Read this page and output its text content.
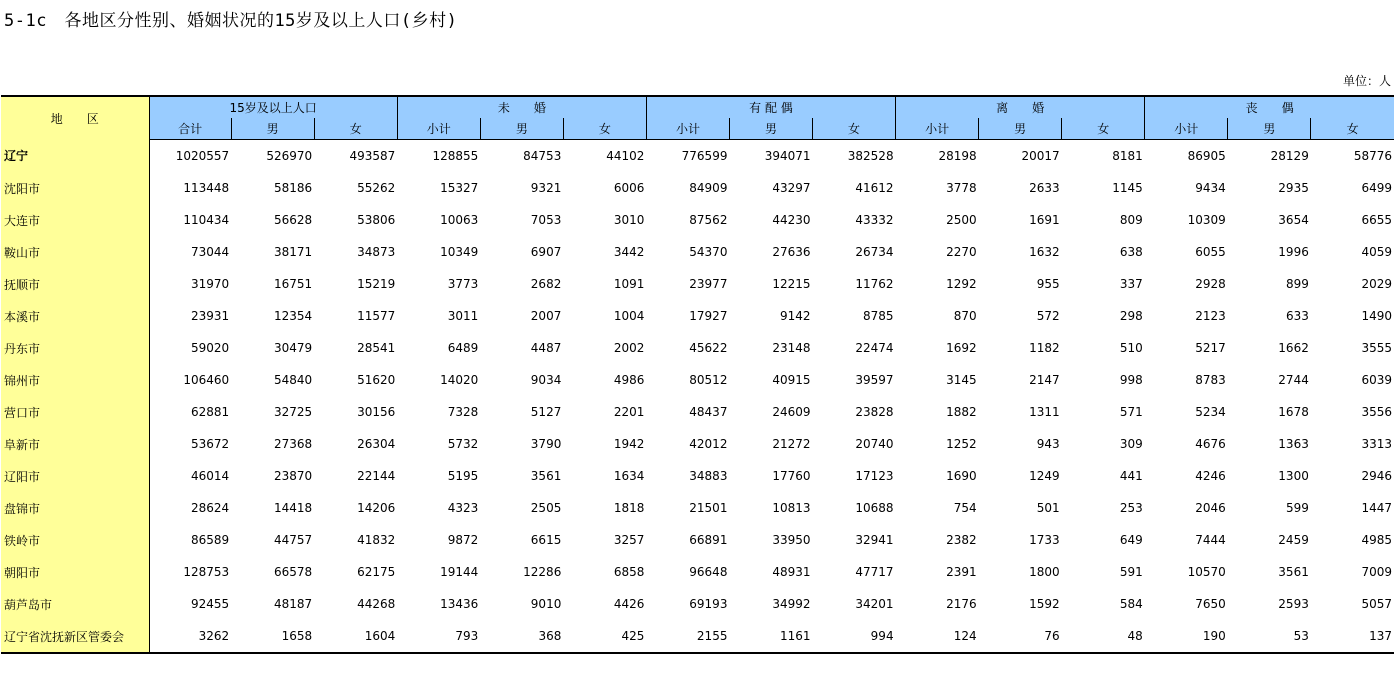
5-1c　各地区分性别、婚姻状况的15岁及以上人口(乡村)
单位：人
地　　区	15岁及以上人口			未　　婚			有 配 偶			离　　婚			丧　　偶		
	合计	男	女	小计	男	女	小计	男	女	小计	男	女	小计	男	女
辽宁	1020557	526970	493587	128855	84753	44102	776599	394071	382528	28198	20017	8181	86905	28129	58776
沈阳市	113448	58186	55262	15327	9321	6006	84909	43297	41612	3778	2633	1145	9434	2935	6499
大连市	110434	56628	53806	10063	7053	3010	87562	44230	43332	2500	1691	809	10309	3654	6655
鞍山市	73044	38171	34873	10349	6907	3442	54370	27636	26734	2270	1632	638	6055	1996	4059
抚顺市	31970	16751	15219	3773	2682	1091	23977	12215	11762	1292	955	337	2928	899	2029
本溪市	23931	12354	11577	3011	2007	1004	17927	9142	8785	870	572	298	2123	633	1490
丹东市	59020	30479	28541	6489	4487	2002	45622	23148	22474	1692	1182	510	5217	1662	3555
锦州市	106460	54840	51620	14020	9034	4986	80512	40915	39597	3145	2147	998	8783	2744	6039
营口市	62881	32725	30156	7328	5127	2201	48437	24609	23828	1882	1311	571	5234	1678	3556
阜新市	53672	27368	26304	5732	3790	1942	42012	21272	20740	1252	943	309	4676	1363	3313
辽阳市	46014	23870	22144	5195	3561	1634	34883	17760	17123	1690	1249	441	4246	1300	2946
盘锦市	28624	14418	14206	4323	2505	1818	21501	10813	10688	754	501	253	2046	599	1447
铁岭市	86589	44757	41832	9872	6615	3257	66891	33950	32941	2382	1733	649	7444	2459	4985
朝阳市	128753	66578	62175	19144	12286	6858	96648	48931	47717	2391	1800	591	10570	3561	7009
葫芦岛市	92455	48187	44268	13436	9010	4426	69193	34992	34201	2176	1592	584	7650	2593	5057
辽宁省沈抚新区管委会	3262	1658	1604	793	368	425	2155	1161	994	124	76	48	190	53	137
